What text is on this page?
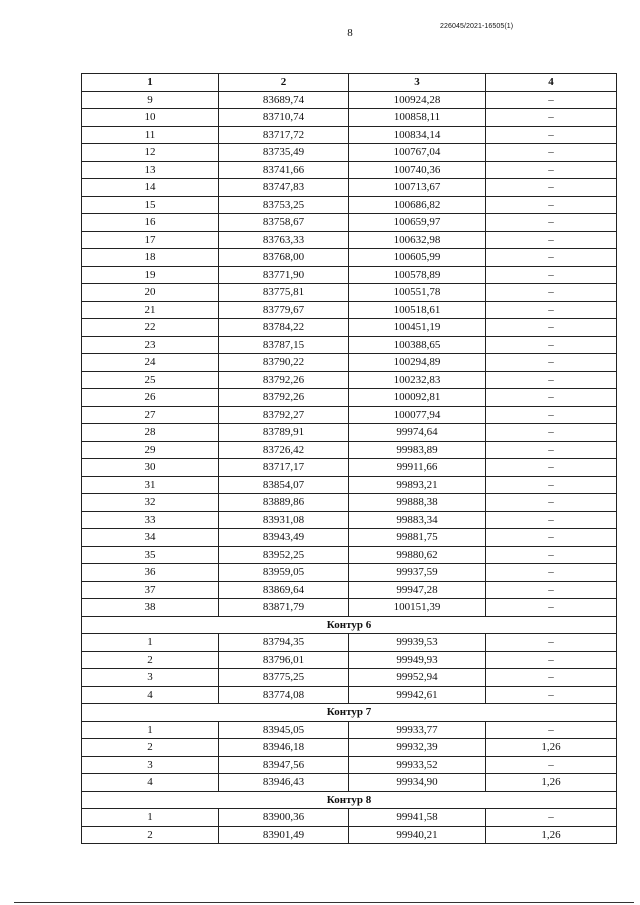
8
226045/2021-16505(1)
1	2	3	4
9	83689,74	100924,28	–
10	83710,74	100858,11	–
11	83717,72	100834,14	–
12	83735,49	100767,04	–
13	83741,66	100740,36	–
14	83747,83	100713,67	–
15	83753,25	100686,82	–
16	83758,67	100659,97	–
17	83763,33	100632,98	–
18	83768,00	100605,99	–
19	83771,90	100578,89	–
20	83775,81	100551,78	–
21	83779,67	100518,61	–
22	83784,22	100451,19	–
23	83787,15	100388,65	–
24	83790,22	100294,89	–
25	83792,26	100232,83	–
26	83792,26	100092,81	–
27	83792,27	100077,94	–
28	83789,91	99974,64	–
29	83726,42	99983,89	–
30	83717,17	99911,66	–
31	83854,07	99893,21	–
32	83889,86	99888,38	–
33	83931,08	99883,34	–
34	83943,49	99881,75	–
35	83952,25	99880,62	–
36	83959,05	99937,59	–
37	83869,64	99947,28	–
38	83871,79	100151,39	–
Контур 6			
1	83794,35	99939,53	–
2	83796,01	99949,93	–
3	83775,25	99952,94	–
4	83774,08	99942,61	–
Контур 7			
1	83945,05	99933,77	–
2	83946,18	99932,39	1,26
3	83947,56	99933,52	–
4	83946,43	99934,90	1,26
Контур 8			
1	83900,36	99941,58	–
2	83901,49	99940,21	1,26
